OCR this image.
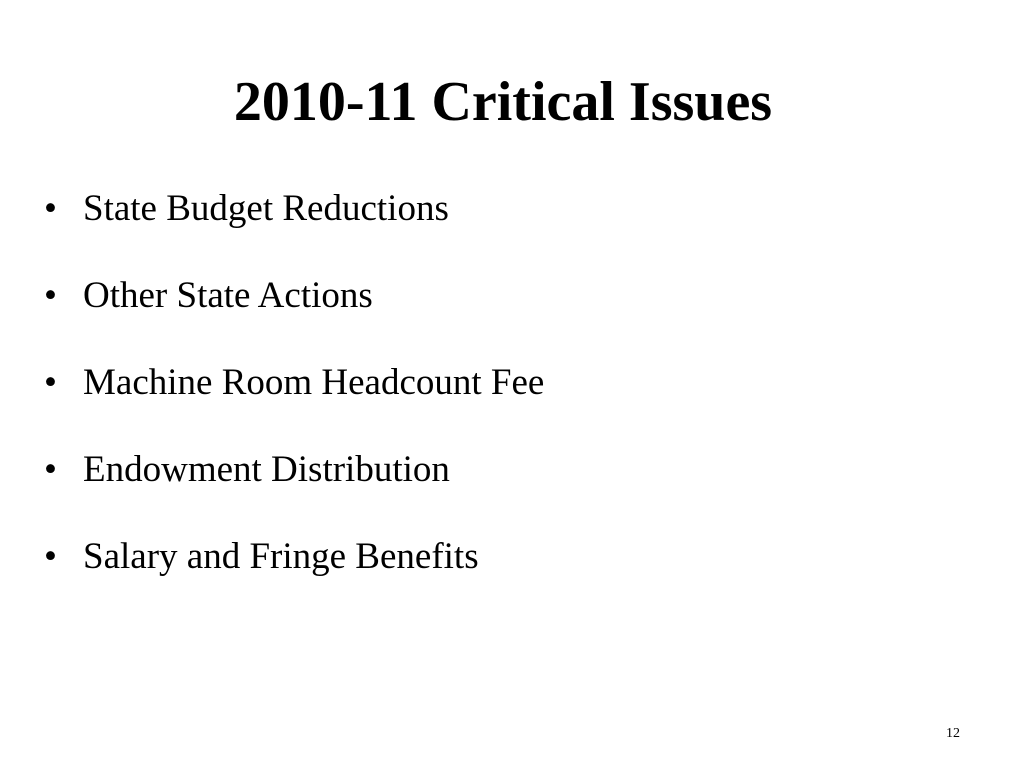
2010-11 Critical Issues
• State Budget Reductions
• Other State Actions
• Machine Room Headcount Fee
• Endowment Distribution
• Salary and Fringe Benefits
12
